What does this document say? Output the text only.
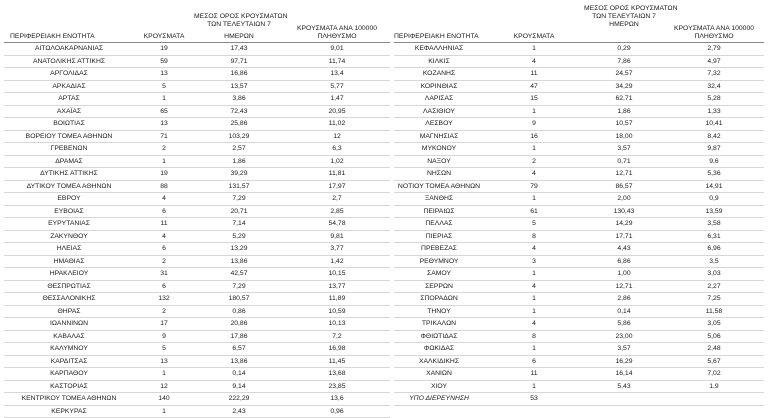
ΠΕΡΙΦΕΡΕΙΑΚΗ ΕΝΟΤΗΤΑ	ΚΡΟΥΣΜΑΤΑ
ΜΕΣΟΣ ΟΡΟΣ ΚΡΟΥΣΜΑΤΩΝ
ΤΩΝ ΤΕΛΕΥΤΑΙΩΝ 7
ΗΜΕΡΩΝ
ΚΡΟΥΣΜΑΤΑ ΑΝΑ 100000
ΠΛΗΘΥΣΜΟ
ΑΙΤΩΛΟΑΚΑΡΝΑΝΙΑΣ	19	17,43	9,01
ΑΝΑΤΟΛΙΚΗΣ ΑΤΤΙΚΗΣ	59	97,71	11,74
ΑΡΓΟΛΙΔΑΣ	13	16,86	13,4
ΑΡΚΑΔΙΑΣ	5	13,57	5,77
ΑΡΤΑΣ	1	3,86	1,47
ΑΧΑΪΑΣ	65	72,43	20,95
ΒΟΙΩΤΙΑΣ	13	25,86	11,02
ΒΟΡΕΙΟΥ ΤΟΜΕΑ ΑΘΗΝΩΝ	71	103,29	12
ΓΡΕΒΕΝΩΝ	2	2,57	6,3
ΔΡΑΜΑΣ	1	1,86	1,02
ΔΥΤΙΚΗΣ ΑΤΤΙΚΗΣ	19	39,29	11,81
ΔΥΤΙΚΟΥ ΤΟΜΕΑ ΑΘΗΝΩΝ	88	131,57	17,97
ΕΒΡΟΥ	4	7,29	2,7
ΕΥΒΟΙΑΣ	6	20,71	2,85
ΕΥΡΥΤΑΝΙΑΣ	11	7,14	54,78
ΖΑΚΥΝΘΟΥ	4	5,29	9,81
ΗΛΕΙΑΣ	6	13,29	3,77
ΗΜΑΘΙΑΣ	2	13,86	1,42
ΗΡΑΚΛΕΙΟΥ	31	42,57	10,15
ΘΕΣΠΡΩΤΙΑΣ	6	7,29	13,77
ΘΕΣΣΑΛΟΝΙΚΗΣ	132	180,57	11,89
ΘΗΡΑΣ	2	0,86	10,59
ΙΩΑΝΝΙΝΩΝ	17	20,86	10,13
ΚΑΒΑΛΑΣ	9	17,86	7,2
ΚΑΛΥΜΝΟΥ	5	6,57	16,98
ΚΑΡΔΙΤΣΑΣ	13	13,86	11,45
ΚΑΡΠΑΘΟΥ	1	0,14	13,68
ΚΑΣΤΟΡΙΑΣ	12	9,14	23,85
ΚΕΝΤΡΙΚΟΥ ΤΟΜΕΑ ΑΘΗΝΩΝ	140	222,29	13,6
ΚΕΡΚΥΡΑΣ	1	2,43	0,96
ΠΕΡΙΦΕΡΕΙΑΚΗ ΕΝΟΤΗΤΑ	ΚΡΟΥΣΜΑΤΑ
ΜΕΣΟΣ ΟΡΟΣ ΚΡΟΥΣΜΑΤΩΝ
ΤΩΝ ΤΕΛΕΥΤΑΙΩΝ 7
ΗΜΕΡΩΝ
ΚΡΟΥΣΜΑΤΑ ΑΝΑ 100000
ΠΛΗΘΥΣΜΟ
ΚΕΦΑΛΛΗΝΙΑΣ	1	0,29	2,79
ΚΙΛΚΙΣ	4	7,86	4,97
ΚΟΖΑΝΗΣ	11	24,57	7,32
ΚΟΡΙΝΘΙΑΣ	47	34,29	32,4
ΛΑΡΙΣΑΣ	15	62,71	5,28
ΛΑΣΙΘΙΟΥ	1	1,86	1,33
ΛΕΣΒΟΥ	9	10,57	10,41
ΜΑΓΝΗΣΙΑΣ	16	18,00	8,42
ΜΥΚΟΝΟΥ	1	3,57	9,87
ΝΑΞΟΥ	2	0,71	9,6
ΝΗΣΩΝ	4	12,71	5,36
ΝΟΤΙΟΥ ΤΟΜΕΑ ΑΘΗΝΩΝ	79	86,57	14,91
ΞΑΝΘΗΣ	1	2,00	0,9
ΠΕΙΡΑΙΩΣ	61	130,43	13,59
ΠΕΛΛΑΣ	5	14,29	3,58
ΠΙΕΡΙΑΣ	8	17,71	6,31
ΠΡΕΒΕΖΑΣ	4	4,43	6,96
ΡΕΘΥΜΝΟΥ	3	6,86	3,5
ΣΑΜΟΥ	1	1,00	3,03
ΣΕΡΡΩΝ	4	12,71	2,27
ΣΠΟΡΑΔΩΝ	1	2,86	7,25
ΤΗΝΟΥ	1	0,14	11,58
ΤΡΙΚΑΛΩΝ	4	5,86	3,05
ΦΘΙΩΤΙΔΑΣ	8	23,00	5,06
ΦΩΚΙΔΑΣ	1	3,57	2,48
ΧΑΛΚΙΔΙΚΗΣ	6	16,29	5,67
ΧΑΝΙΩΝ	11	16,14	7,02
ΧΙΟΥ	1	5,43	1,9
ΥΠΟ ΔΙΕΡΕΥΝΗΣΗ	53
